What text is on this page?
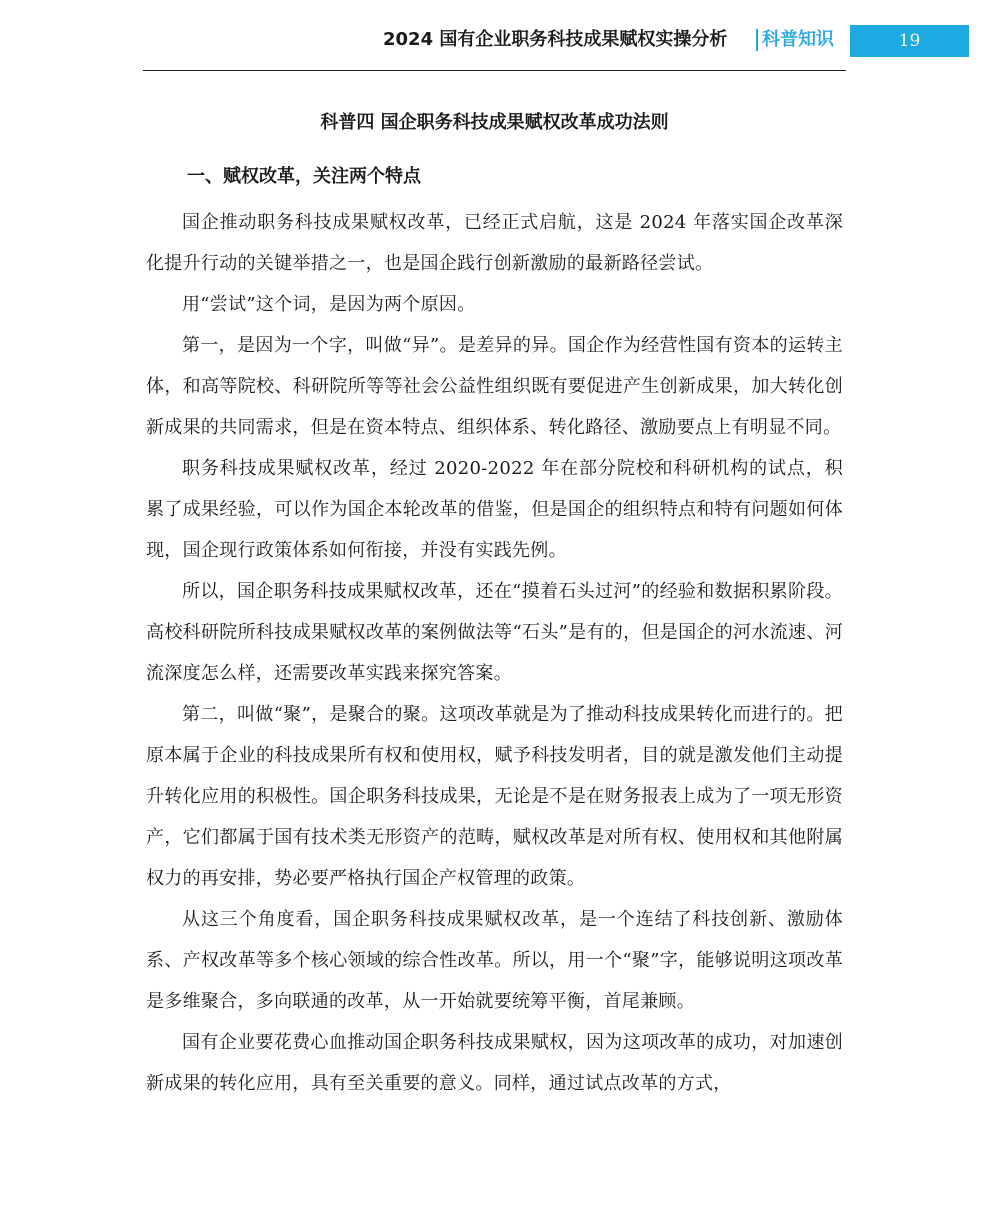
2024 国有企业职务科技成果赋权实操分析 科普知识	19
科普四 国企职务科技成果赋权改革成功法则
一、赋权改革，关注两个特点

国企推动职务科技成果赋权改革，已经正式启航，这是 2024 年落实国企改革深化提升行动的关键举措之一，也是国企践行创新激励的最新路径尝试。

用“尝试”这个词，是因为两个原因。

第一，是因为一个字，叫做“异”。是差异的异。国企作为经营性国有资本的运转主体，和高等院校、科研院所等等社会公益性组织既有要促进产生创新成果，加大转化创新成果的共同需求，但是在资本特点、组织体系、转化路径、激励要点上有明显不同。

职务科技成果赋权改革，经过 2020-2022 年在部分院校和科研机构的试点，积累了成果经验，可以作为国企本轮改革的借鉴，但是国企的组织特点和特有问题如何体现，国企现行政策体系如何衔接，并没有实践先例。

所以，国企职务科技成果赋权改革，还在“摸着石头过河”的经验和数据积累阶段。高校科研院所科技成果赋权改革的案例做法等“石头”是有的，但是国企的河水流速、河流深度怎么样，还需要改革实践来探究答案。

第二，叫做“聚”，是聚合的聚。这项改革就是为了推动科技成果转化而进行的。把原本属于企业的科技成果所有权和使用权，赋予科技发明者，目的就是激发他们主动提升转化应用的积极性。国企职务科技成果，无论是不是在财务报表上成为了一项无形资产，它们都属于国有技术类无形资产的范畴，赋权改革是对所有权、使用权和其他附属权力的再安排，势必要严格执行国企产权管理的政策。

从这三个角度看，国企职务科技成果赋权改革，是一个连结了科技创新、激励体系、产权改革等多个核心领域的综合性改革。所以，用一个“聚”字，能够说明这项改革是多维聚合，多向联通的改革，从一开始就要统筹平衡，首尾兼顾。

国有企业要花费心血推动国企职务科技成果赋权，因为这项改革的成功，对加速创新成果的转化应用，具有至关重要的意义。同样，通过试点改革的方式，
